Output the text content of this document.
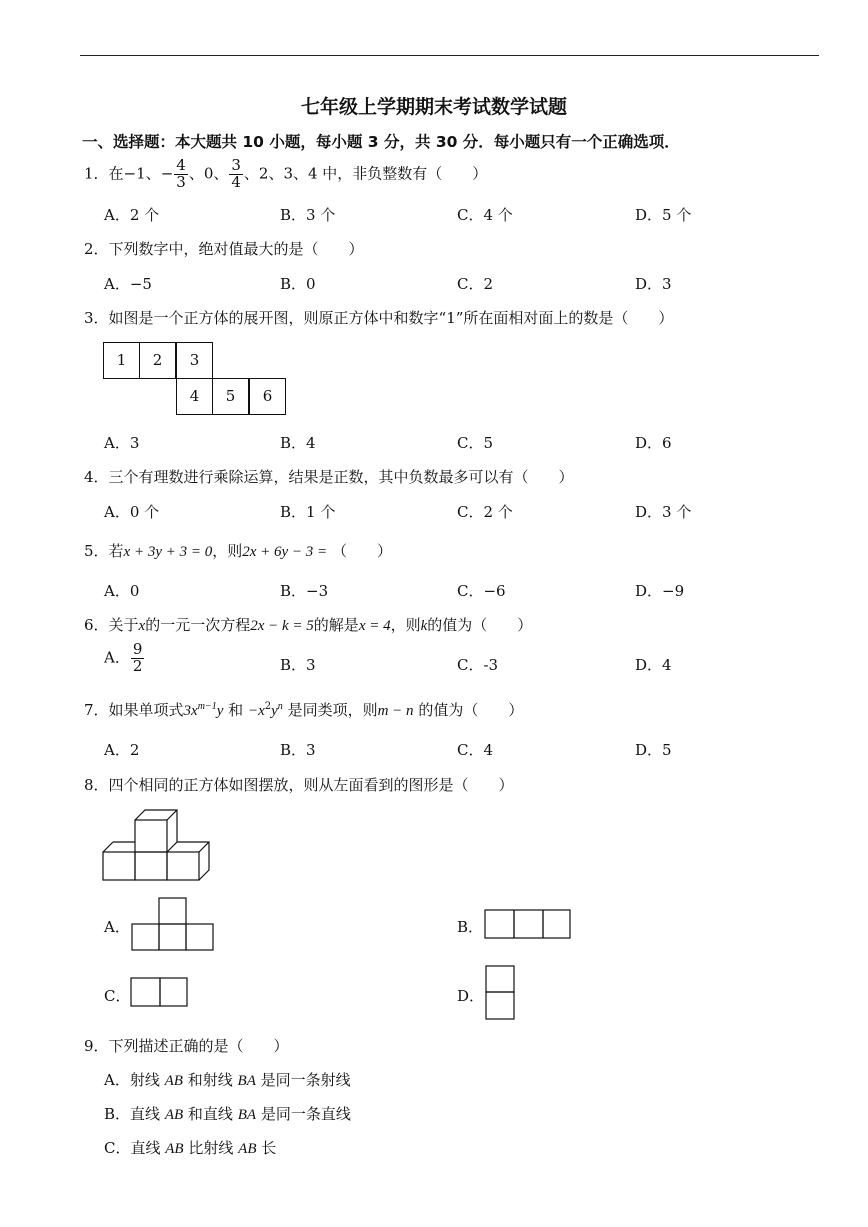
七年级上学期期末考试数学试题
一、选择题：本大题共 10 小题，每小题 3 分，共 30 分．每小题只有一个正确选项．
1．在−1、− $\frac{4}{3}$ 、0、 $\frac{3}{4}$ 、2、3、4 中，非负整数有（　　）
A．2 个	B．3 个	C．4 个	D．5 个
2．下列数字中，绝对值最大的是（　　）
A．−5	B．0	C．2	D．3
3．如图是一个正方体的展开图，则原正方体中和数字“1”所在面相对面上的数是（　　）
1	2	3
4	5	6
A．3	B．4	C．5	D．6
4．三个有理数进行乘除运算，结果是正数，其中负数最多可以有（　　）
A．0 个	B．1 个	C．2 个	D．3 个
5．若x + 3y + 3 = 0，则2x + 6y − 3 = （　　）
A．0	B．−3	C．−6	D．−9
6．关于x的一元一次方程2x − k = 5的解是x = 4，则k的值为（　　）
A． $\frac{9}{2}$	B．3	C．-3	D．4
7．如果单项式$3x^{m-1}y$ 和 $-x^2y^n$ 是同类项，则m − n 的值为（　　）
A．2	B．3	C．4	D．5
8．四个相同的正方体如图摆放，则从左面看到的图形是（　　）
A．	B．
C．	D．
9．下列描述正确的是（　　）
A．射线 AB 和射线 BA 是同一条射线
B．直线 AB 和直线 BA 是同一条直线
C．直线 AB 比射线 AB 长
